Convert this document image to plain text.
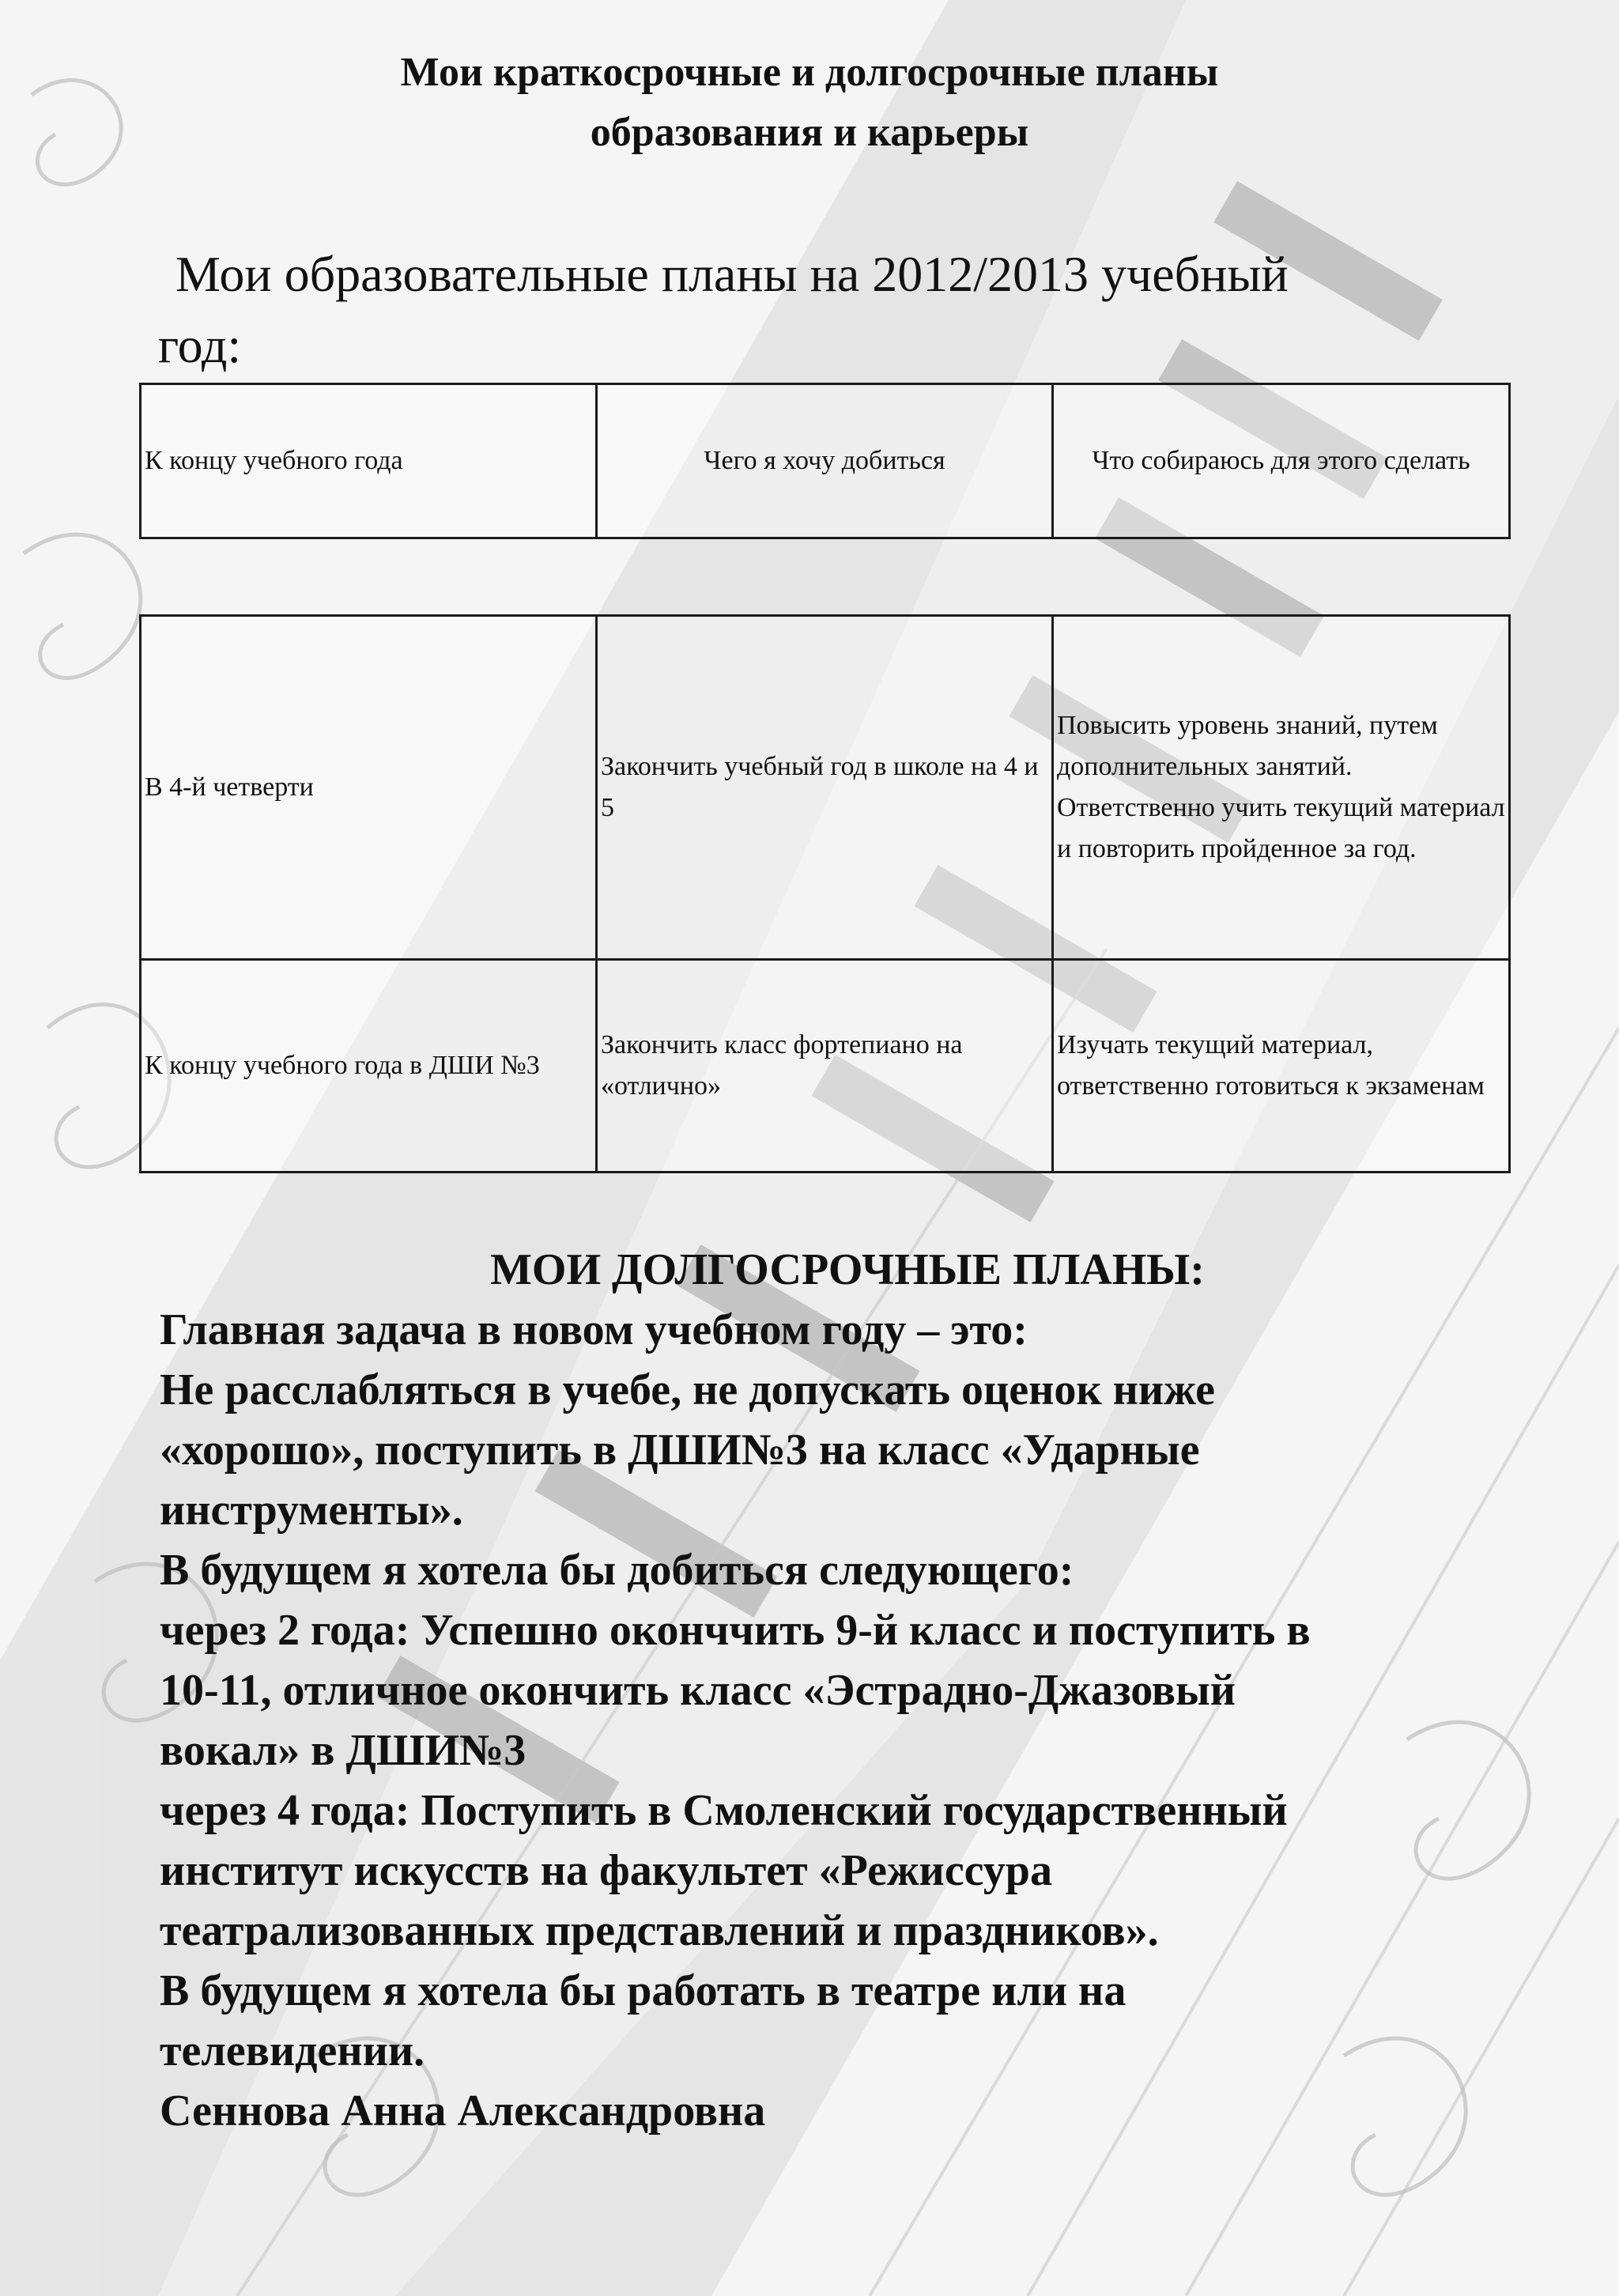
Мои краткосрочные и долгосрочные планы
образования и карьеры
Мои образовательные планы на 2012/2013 учебный
год:
К концу учебного года	Чего я хочу добиться	Что собираюсь для этого сделать
В 4-й четверти	Закончить учебный год в школе на 4 и 5	Повысить уровень знаний, путем дополнительных занятий. Ответственно учить текущий материал и повторить пройденное за год.
К концу учебного года в ДШИ №3	Закончить класс фортепиано на «отлично»	Изучать текущий материал, ответственно готовиться к экзаменам
МОИ ДОЛГОСРОЧНЫЕ ПЛАНЫ:

Главная задача в новом учебном году – это:

Не расслабляться в учебе, не допускать оценок ниже

«хорошо», поступить в ДШИ№3 на класс «Ударные

инструменты».

В будущем я хотела бы добиться следующего:

через 2 года: Успешно оконччить 9-й класс и поступить в

10-11, отличное окончить класс «Эстрадно-Джазовый

вокал» в ДШИ№3

через 4 года: Поступить в Смоленский государственный

институт искусств на факультет «Режиссура

театрализованных представлений и праздников».

В будущем я хотела бы работать в театре или на

телевидении.

Сеннова Анна Александровна
